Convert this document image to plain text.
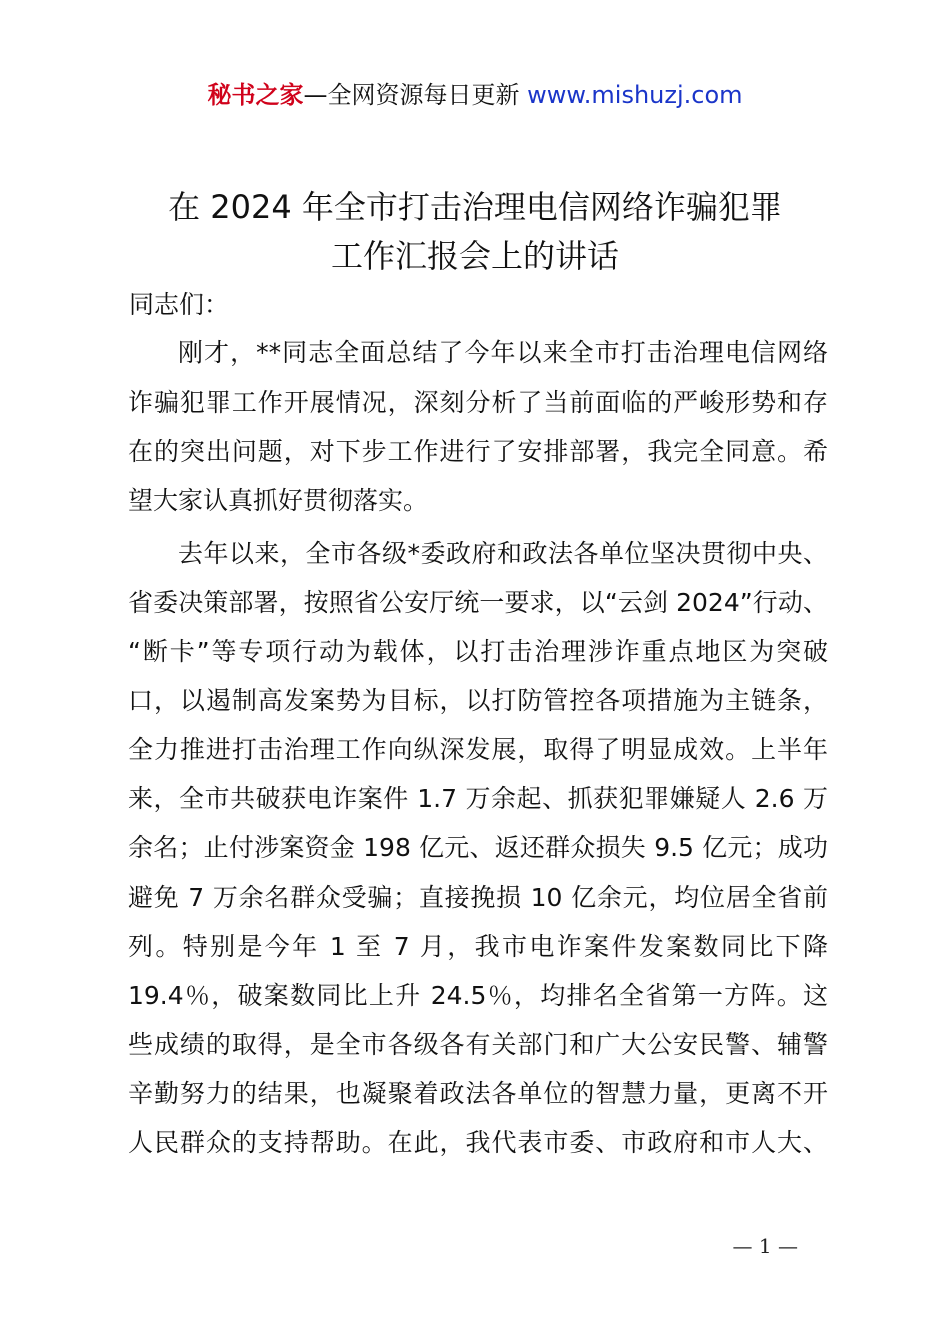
秘书之家—全网资源每日更新 www.mishuzj.com
在 2024 年全市打击治理电信网络诈骗犯罪
工作汇报会上的讲话
同志们：
刚才，**同志全面总结了今年以来全市打击治理电信网络
诈骗犯罪工作开展情况，深刻分析了当前面临的严峻形势和存
在的突出问题，对下步工作进行了安排部署，我完全同意。希
望大家认真抓好贯彻落实。
去年以来，全市各级*委政府和政法各单位坚决贯彻中央、
省委决策部署，按照省公安厅统一要求，以“云剑 2024”行动、
“断卡”等专项行动为载体，以打击治理涉诈重点地区为突破
口，以遏制高发案势为目标，以打防管控各项措施为主链条，
全力推进打击治理工作向纵深发展，取得了明显成效。上半年
来，全市共破获电诈案件 1.7 万余起、抓获犯罪嫌疑人 2.6 万
余名；止付涉案资金 198 亿元、返还群众损失 9.5 亿元；成功
避免 7 万余名群众受骗；直接挽损 10 亿余元，均位居全省前
列。特别是今年 1 至 7 月，我市电诈案件发案数同比下降
19.4％，破案数同比上升 24.5％，均排名全省第一方阵。这
些成绩的取得，是全市各级各有关部门和广大公安民警、辅警
辛勤努力的结果，也凝聚着政法各单位的智慧力量，更离不开
人民群众的支持帮助。在此，我代表市委、市政府和市人大、
— 1 —
